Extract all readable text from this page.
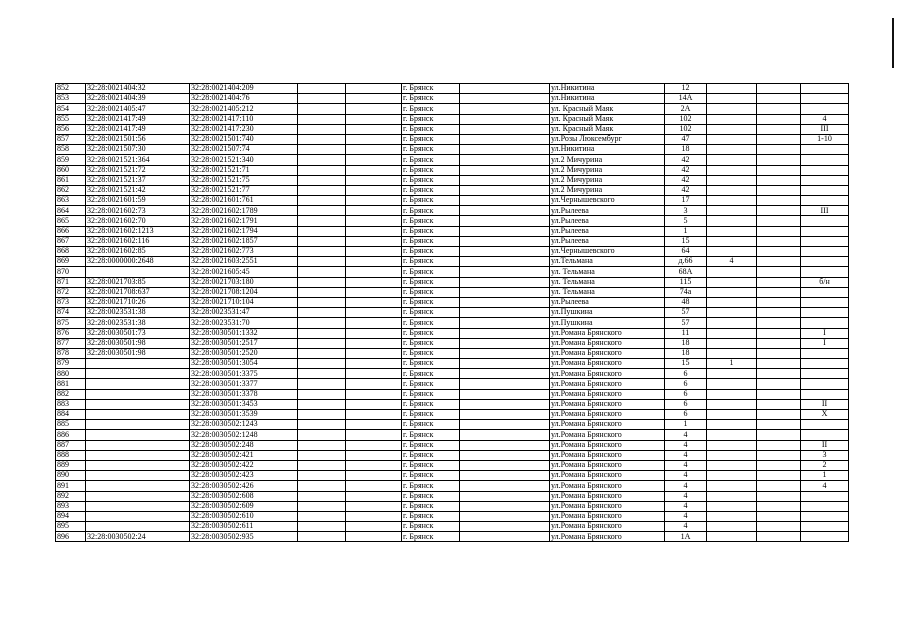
852	32:28:0021404:32	32:28:0021404:209			г. Брянск		ул.Никитина	12			
853	32:28:0021404:39	32:28:0021404:76			г. Брянск		ул.Никитина	14А			
854	32:28:0021405:47	32:28:0021405:212			г. Брянск		ул. Красный Маяк	2А			
855	32:28:0021417:49	32:28:0021417:110			г. Брянск		ул. Красный Маяк	102			4
856	32:28:0021417:49	32:28:0021417:230			г. Брянск		ул. Красный Маяк	102			III
857	32:28:0021501:56	32:28:0021501:740			г. Брянск		ул.Розы Люксембург	47			1-10
858	32:28:0021507:30	32:28:0021507:74			г. Брянск		ул.Никитина	18			
859	32:28:0021521:364	32:28:0021521:340			г. Брянск		ул.2 Мичурина	42			
860	32:28:0021521:72	32:28:0021521:71			г. Брянск		ул.2 Мичурина	42			
861	32:28:0021521:37	32:28:0021521:75			г. Брянск		ул.2 Мичурина	42			
862	32:28:0021521:42	32:28:0021521:77			г. Брянск		ул.2 Мичурина	42			
863	32:28:0021601:59	32:28:0021601:761			г. Брянск		ул.Чернышевского	17			
864	32:28:0021602:73	32:28:0021602:1789			г. Брянск		ул.Рылеева	3			III
865	32:28:0021602:70	32:28:0021602:1791			г. Брянск		ул.Рылеева	5			
866	32:28:0021602:1213	32:28:0021602:1794			г. Брянск		ул.Рылеева	1			
867	32:28:0021602:116	32:28:0021602:1857			г. Брянск		ул.Рылеева	15			
868	32:28:0021602:85	32:28:0021602:773			г. Брянск		ул.Чернышевского	64			
869	32:28:0000000:2648	32:28:0021603:2551			г. Брянск		ул.Тельмана	д.66	4		
870		32:28:0021605:45			г. Брянск		ул. Тельмана	68А			
871	32:28:0021703:85	32:28:0021703:180			г. Брянск		ул. Тельмана	115			б/н
872	32:28:0021708:637	32:28:0021708:1204			г. Брянск		ул. Тельмана	74а			
873	32:28:0021710:26	32:28:0021710:104			г. Брянск		ул.Рылеева	48			
874	32:28:0023531:38	32:28:0023531:47			г. Брянск		ул.Пушкина	57			
875	32:28:0023531:38	32:28:0023531:70			г. Брянск		ул.Пушкина	57			
876	32:28:0030501:73	32:28:0030501:1332			г. Брянск		ул.Романа Брянского	11			I
877	32:28:0030501:98	32:28:0030501:2517			г. Брянск		ул.Романа Брянского	18			I
878	32:28:0030501:98	32:28:0030501:2520			г. Брянск		ул.Романа Брянского	18			
879		32:28:0030501:3054			г. Брянск		ул.Романа Брянского	15	1		
880		32:28:0030501:3375			г. Брянск		ул.Романа Брянского	6			
881		32:28:0030501:3377			г. Брянск		ул.Романа Брянского	6			
882		32:28:0030501:3378			г. Брянск		ул.Романа Брянского	6			
883		32:28:0030501:3453			г. Брянск		ул.Романа Брянского	6			II
884		32:28:0030501:3539			г. Брянск		ул.Романа Брянского	6			X
885		32:28:0030502:1243			г. Брянск		ул.Романа Брянского	1			
886		32:28:0030502:1248			г. Брянск		ул.Романа Брянского	4			
887		32:28:0030502:248			г. Брянск		ул.Романа Брянского	4			II
888		32:28:0030502:421			г. Брянск		ул.Романа Брянского	4			3
889		32:28:0030502:422			г. Брянск		ул.Романа Брянского	4			2
890		32:28:0030502:423			г. Брянск		ул.Романа Брянского	4			1
891		32:28:0030502:426			г. Брянск		ул.Романа Брянского	4			4
892		32:28:0030502:608			г. Брянск		ул.Романа Брянского	4			
893		32:28:0030502:609			г. Брянск		ул.Романа Брянского	4			
894		32:28:0030502:610			г. Брянск		ул.Романа Брянского	4			
895		32:28:0030502:611			г. Брянск		ул.Романа Брянского	4			
896	32:28:0030502:24	32:28:0030502:935			г. Брянск		ул.Романа Брянского	1А			
